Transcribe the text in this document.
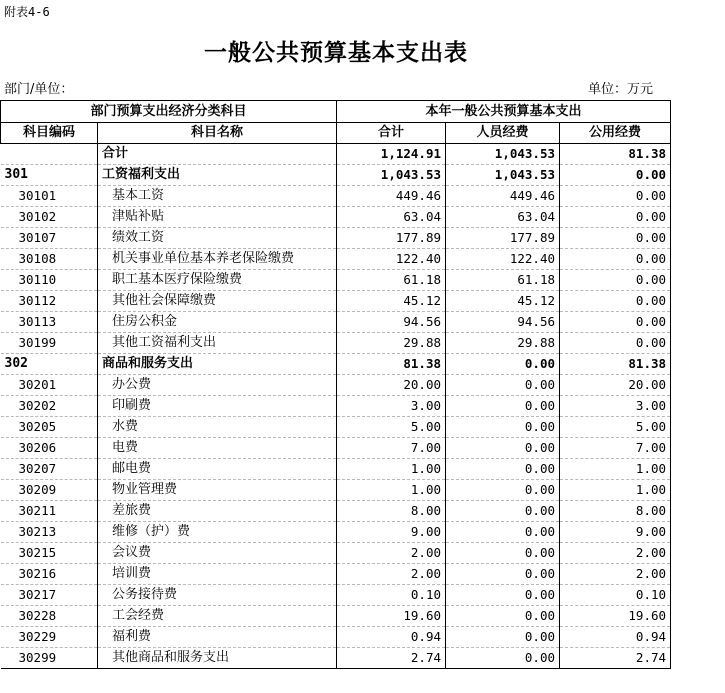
附表4-6
一般公共预算基本支出表
部门/单位：	单位：万元
部门预算支出经济分类科目		本年一般公共预算基本支出		
科目编码	科目名称	合计	人员经费	公用经费
	合计	1,124.91	1,043.53	81.38
301	工资福利支出	1,043.53	1,043.53	0.00
30101	基本工资	449.46	449.46	0.00
30102	津贴补贴	63.04	63.04	0.00
30107	绩效工资	177.89	177.89	0.00
30108	机关事业单位基本养老保险缴费	122.40	122.40	0.00
30110	职工基本医疗保险缴费	61.18	61.18	0.00
30112	其他社会保障缴费	45.12	45.12	0.00
30113	住房公积金	94.56	94.56	0.00
30199	其他工资福利支出	29.88	29.88	0.00
302	商品和服务支出	81.38	0.00	81.38
30201	办公费	20.00	0.00	20.00
30202	印刷费	3.00	0.00	3.00
30205	水费	5.00	0.00	5.00
30206	电费	7.00	0.00	7.00
30207	邮电费	1.00	0.00	1.00
30209	物业管理费	1.00	0.00	1.00
30211	差旅费	8.00	0.00	8.00
30213	维修（护）费	9.00	0.00	9.00
30215	会议费	2.00	0.00	2.00
30216	培训费	2.00	0.00	2.00
30217	公务接待费	0.10	0.00	0.10
30228	工会经费	19.60	0.00	19.60
30229	福利费	0.94	0.00	0.94
30299	其他商品和服务支出	2.74	0.00	2.74
